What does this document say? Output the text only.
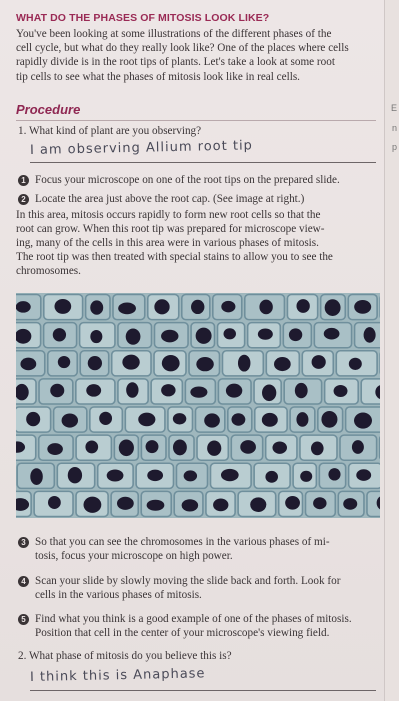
WHAT DO THE PHASES OF MITOSIS LOOK LIKE?
You've been looking at some illustrations of the different phases of the
cell cycle, but what do they really look like? One of the places where cells
rapidly divide is in the root tips of plants. Let's take a look at some root
tip cells to see what the phases of mitosis look like in real cells.
Procedure
1. What kind of plant are you observing?
I am observing Allium root tip
1 Focus your microscope on one of the root tips on the prepared slide.
2 Locate the area just above the root cap. (See image at right.)
In this area, mitosis occurs rapidly to form new root cells so that the
root can grow. When this root tip was prepared for microscope view-
ing, many of the cells in this area were in various phases of mitosis.
The root tip was then treated with special stains to allow you to see the
chromosomes.
3 So that you can see the chromosomes in the various phases of mi-
tosis, focus your microscope on high power.
4 Scan your slide by slowly moving the slide back and forth. Look for
cells in the various phases of mitosis.
5 Find what you think is a good example of one of the phases of mitosis.
Position that cell in the center of your microscope's viewing field.
2. What phase of mitosis do you believe this is?
I think this is Anaphase
E
n
p
